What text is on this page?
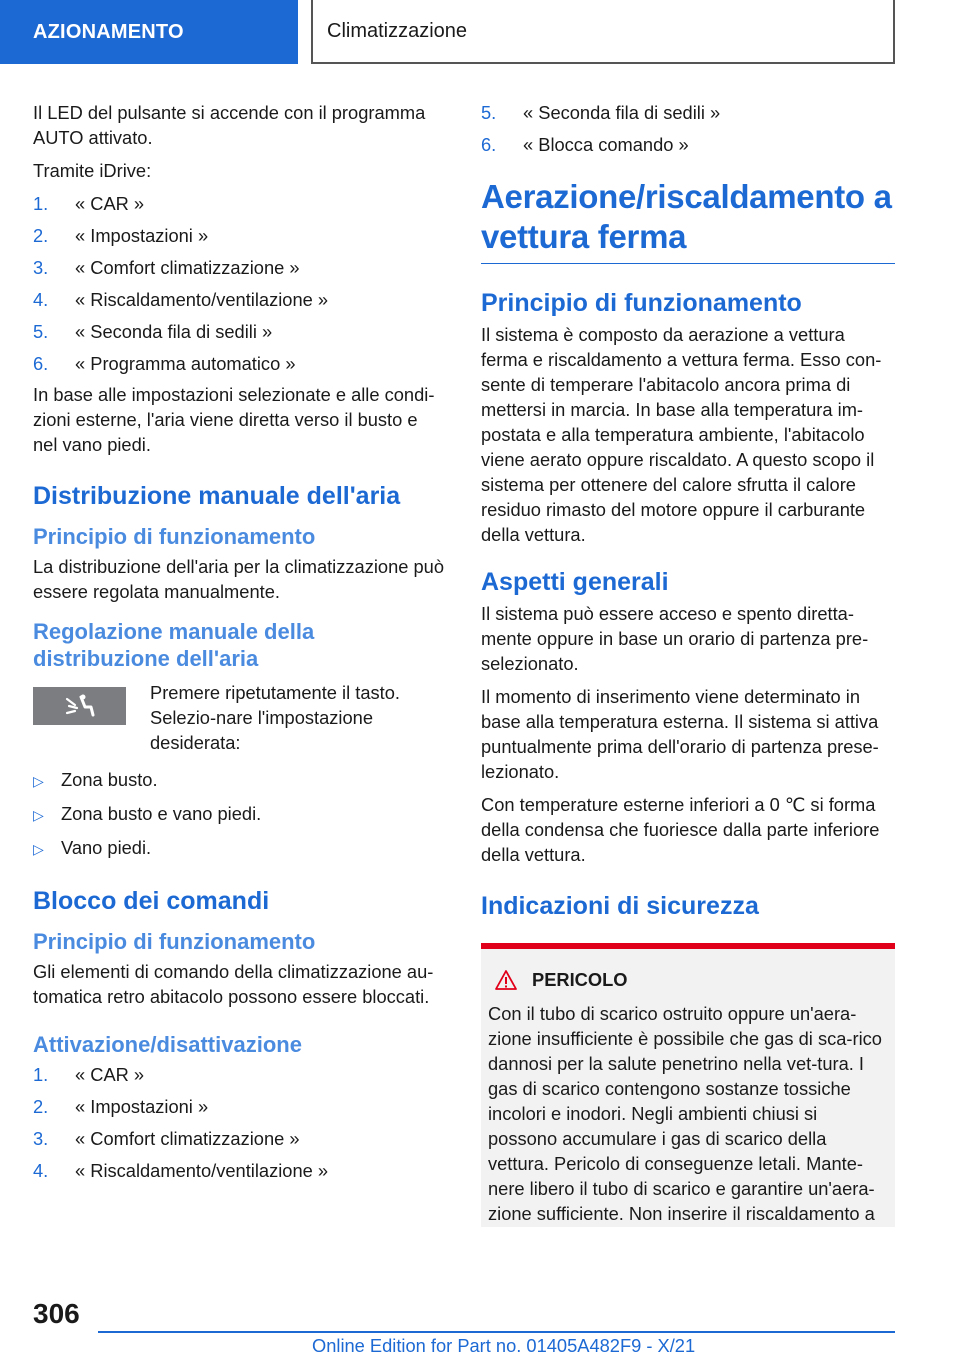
AZIONAMENTO	Climatizzazione

Il LED del pulsante si accende con il programma AUTO attivato.

Tramite iDrive:

1.	« CAR »
2.	« Impostazioni »
3.	« Comfort climatizzazione »
4.	« Riscaldamento/ventilazione »
5.	« Seconda fila di sedili »
6.	« Programma automatico »

In base alle impostazioni selezionate e alle condi-zioni esterne, l'aria viene diretta verso il busto e nel vano piedi.

Distribuzione manuale dell'aria
Principio di funzionamento

La distribuzione dell'aria per la climatizzazione può essere regolata manualmente.

Regolazione manuale della distribuzione dell'aria

Premere ripetutamente il tasto. Selezio-nare l'impostazione desiderata:

▷ Zona busto.
▷ Zona busto e vano piedi.
▷ Vano piedi.
Blocco dei comandi
Principio di funzionamento

Gli elementi di comando della climatizzazione au-tomatica retro abitacolo possono essere bloccati.

Attivazione/disattivazione
1.	« CAR »
2.	« Impostazioni »
3.	« Comfort climatizzazione »
4.	« Riscaldamento/ventilazione »
5.	« Seconda fila di sedili »
6.	« Blocca comando »
Aerazione/riscaldamento a vettura ferma
Principio di funzionamento

Il sistema è composto da aerazione a vettura ferma e riscaldamento a vettura ferma. Esso con-sente di temperare l'abitacolo ancora prima di mettersi in marcia. In base alla temperatura im-postata e alla temperatura ambiente, l'abitacolo viene aerato oppure riscaldato. A questo scopo il sistema per ottenere del calore sfrutta il calore residuo rimasto del motore oppure il carburante della vettura.

Aspetti generali

Il sistema può essere acceso e spento diretta-mente oppure in base un orario di partenza pre-selezionato.

Il momento di inserimento viene determinato in base alla temperatura esterna. Il sistema si attiva puntualmente prima dell'orario di partenza prese-lezionato.

Con temperature esterne inferiori a 0 ℃ si forma della condensa che fuoriesce dalla parte inferiore della vettura.

Indicazioni di sicurezza
PERICOLO

Con il tubo di scarico ostruito oppure un'aera-zione insufficiente è possibile che gas di sca-rico dannosi per la salute penetrino nella vet-tura. I gas di scarico contengono sostanze tossiche incolori e inodori. Negli ambienti chiusi si possono accumulare i gas di scarico della vettura. Pericolo di conseguenze letali. Mante-nere libero il tubo di scarico e garantire un'aera-zione sufficiente. Non inserire il riscaldamento a

306
Online Edition for Part no. 01405A482F9 - X/21
